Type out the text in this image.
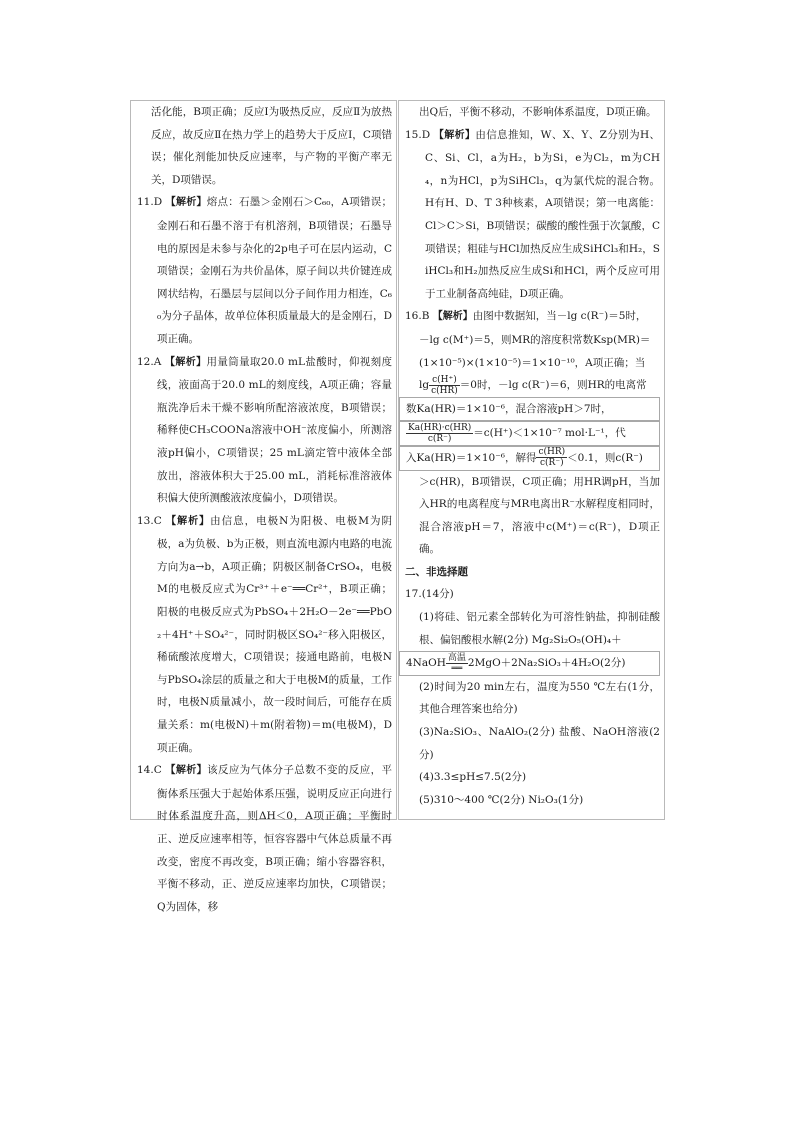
活化能，B项正确；反应Ⅰ为吸热反应，反应Ⅱ为放热反应，故反应Ⅱ在热力学上的趋势大于反应Ⅰ，C项错误；催化剂能加快反应速率，与产物的平衡产率无关，D项错误。

11.D 【解析】熔点：石墨＞金刚石＞C₆₀，A项错误；金刚石和石墨不溶于有机溶剂，B项错误；石墨导电的原因是未参与杂化的2p电子可在层内运动，C项错误；金刚石为共价晶体，原子间以共价键连成网状结构，石墨层与层间以分子间作用力相连，C₆₀为分子晶体，故单位体积质量最大的是金刚石，D项正确。

12.A 【解析】用量筒量取20.0 mL盐酸时，仰视刻度线，液面高于20.0 mL的刻度线，A项正确；容量瓶洗净后未干燥不影响所配溶液浓度，B项错误；稀释使CH₃COONa溶液中OH⁻浓度偏小，所测溶液pH偏小，C项错误；25 mL滴定管中液体全部放出，溶液体积大于25.00 mL，消耗标准溶液体积偏大使所测酸液浓度偏小，D项错误。

13.C 【解析】由信息，电极N为阳极、电极M为阴极，a为负极、b为正极，则直流电源内电路的电流方向为a→b，A项正确；阴极区制备CrSO₄，电极M的电极反应式为Cr³⁺＋e⁻══Cr²⁺，B项正确；阳极的电极反应式为PbSO₄＋2H₂O－2e⁻══PbO₂＋4H⁺＋SO₄²⁻，同时阴极区SO₄²⁻移入阳极区，稀硫酸浓度增大，C项错误；接通电路前，电极N与PbSO₄涂层的质量之和大于电极M的质量，工作时，电极N质量减小，故一段时间后，可能存在质量关系：m(电极N)＋m(附着物)＝m(电极M)，D项正确。

14.C 【解析】该反应为气体分子总数不变的反应，平衡体系压强大于起始体系压强，说明反应正向进行时体系温度升高，则ΔH＜0，A项正确；平衡时正、逆反应速率相等，恒容容器中气体总质量不再改变，密度不再改变，B项正确；缩小容器容积，平衡不移动，正、逆反应速率均加快，C项错误；Q为固体，移

出Q后，平衡不移动，不影响体系温度，D项正确。

15.D 【解析】由信息推知，W、X、Y、Z分别为H、C、Si、Cl，a为H₂，b为Si，e为Cl₂，m为CH₄，n为HCl，p为SiHCl₃，q为氯代烷的混合物。H有H、D、T 3种核素，A项错误；第一电离能：Cl＞C＞Si，B项错误；碳酸的酸性强于次氯酸，C项错误；粗硅与HCl加热反应生成SiHCl₃和H₂，SiHCl₃和H₂加热反应生成Si和HCl，两个反应可用于工业制备高纯硅，D项正确。

16.B 【解析】由图中数据知，当－lg c(R⁻)＝5时，

－lg c(M⁺)＝5，则MR的溶度积常数Ksp(MR)＝

(1×10⁻⁵)×(1×10⁻⁵)＝1×10⁻¹⁰，A项正确；当

$\lg \frac{c(H^+)}{c(HR)} =0$时，－lg c(R⁻)＝6，则HR的电离常

数Ka(HR)＝1×10⁻⁶，混合溶液pH＞7时，

$\frac{Ka(HR)\cdot c(HR)}{c(R^-)} =c(H^+)<1\times 10^{-7}$ mol·L⁻¹，代

入Ka(HR)＝1×10⁻⁶，解得 $\frac{c(HR)}{c(R^-)} <0.1$，则c(R⁻)

＞c(HR)，B项错误，C项正确；用HR调pH，当加入HR的电离程度与MR电离出R⁻水解程度相同时，混合溶液pH＝7，溶液中c(M⁺)＝c(R⁻)，D项正确。

二、非选择题

17.(14分)

(1)将硅、铝元素全部转化为可溶性钠盐，抑制硅酸根、偏铝酸根水解(2分) Mg₂Si₂O₅(OH)₄＋

4NaOH $\frac{\text{高温}}{══} 2MgO+2Na_2SiO_3+4H_2O(2$分)

(2)时间为20 min左右，温度为550 ℃左右(1分，其他合理答案也给分)

(3)Na₂SiO₃、NaAlO₂(2分) 盐酸、NaOH溶液(2分)

(4)3.3≤pH≤7.5(2分)

(5)310～400 ℃(2分) Ni₂O₃(1分)
